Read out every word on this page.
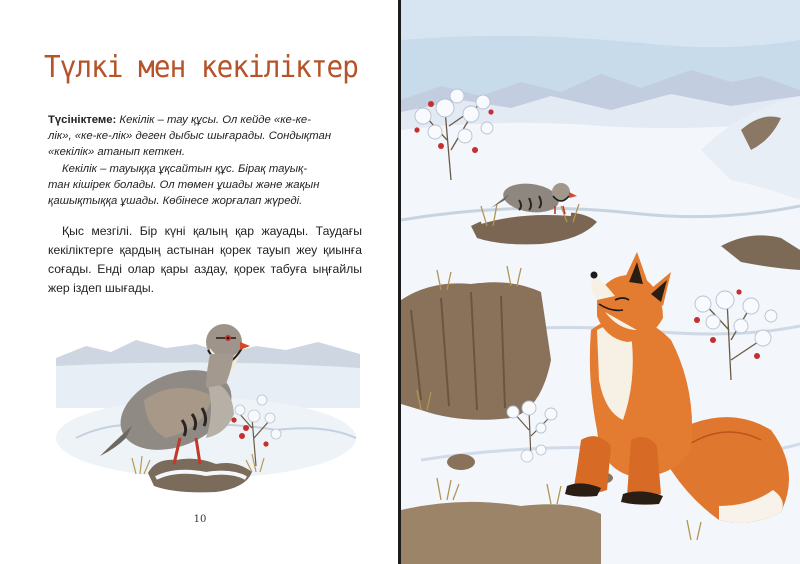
Түлкі мен кекіліктер

Түсініктеме: Кекілік – тау құсы. Ол кейде «ке-ке-

лік», «ке-ке-лік» деген дыбыс шығарады. Сондықтан

«кекілік» атанып кеткен.

Кекілік – тауыққа ұқсайтын құс. Бірақ тауық-

тан кішірек болады. Ол төмен ұшады және жақын

қашықтыққа ұшады. Көбінесе жорғалап жүреді.

Қыс мезгілі. Бір күні қалың қар жауады. Таудағы кекіліктерге қардың астынан қорек тауып жеу қиынға соғады. Енді олар қары аздау, қорек табуға ыңғайлы жер іздеп шығады.
10
